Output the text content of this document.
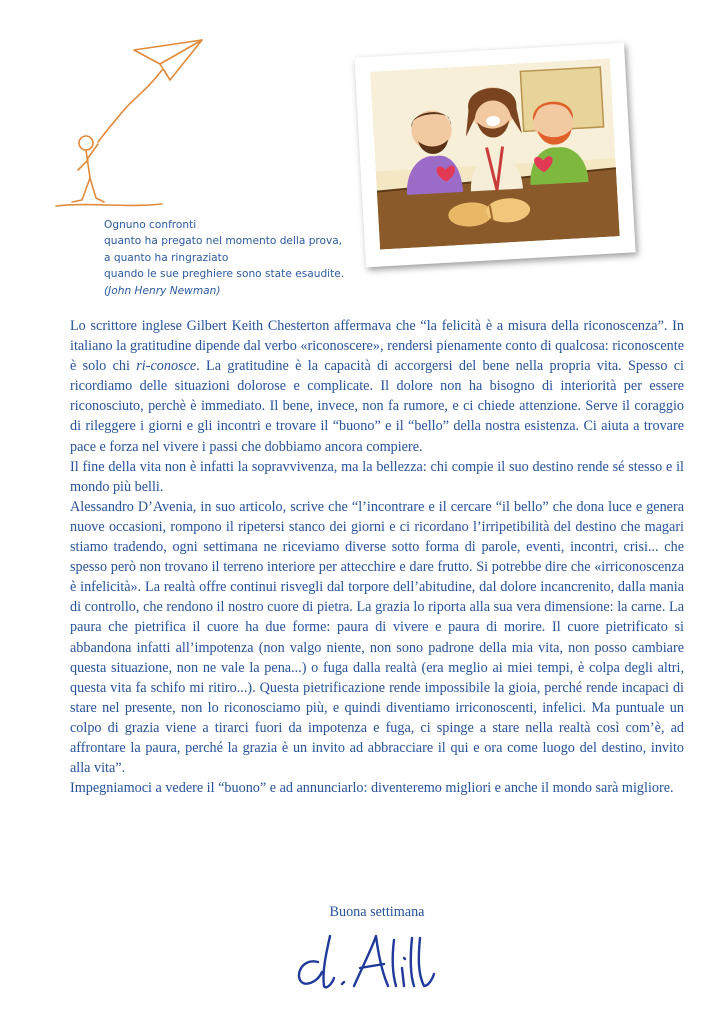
Ognuno confronti
quanto ha pregato nel momento della prova,
a quanto ha ringraziato
quando le sue preghiere sono state esaudite.
(John Henry Newman)

Lo scrittore inglese Gilbert Keith Chesterton affermava che “la felicità è a misura della riconoscenza”. In italiano la gratitudine dipende dal verbo «riconoscere», rendersi pienamente conto di qualcosa: riconoscente è solo chi ri-conosce. La gratitudine è la capacità di accorgersi del bene nella propria vita. Spesso ci ricordiamo delle situazioni dolorose e complicate. Il dolore non ha bisogno di interiorità per essere riconosciuto, perchè è immediato. Il bene, invece, non fa rumore, e ci chiede attenzione. Serve il coraggio di rileggere i giorni e gli incontri e trovare il “buono” e il “bello” della nostra esistenza. Ci aiuta a trovare pace e forza nel vivere i passi che dobbiamo ancora compiere.

Il fine della vita non è infatti la sopravvivenza, ma la bellezza: chi compie il suo destino rende sé stesso e il mondo più belli.

Alessandro D’Avenia, in suo articolo, scrive che “l’incontrare e il cercare “il bello” che dona luce e genera nuove occasioni, rompono il ripetersi stanco dei giorni e ci ricordano l’irripetibilità del destino che magari stiamo tradendo, ogni settimana ne riceviamo diverse sotto forma di parole, eventi, incontri, crisi... che spesso però non trovano il terreno interiore per attecchire e dare frutto. Si potrebbe dire che «irriconoscenza è infelicità». La realtà offre continui risvegli dal torpore dell’abitudine, dal dolore incancrenito, dalla mania di controllo, che rendono il nostro cuore di pietra. La grazia lo riporta alla sua vera dimensione: la carne. La paura che pietrifica il cuore ha due forme: paura di vivere e paura di morire. Il cuore pietrificato si abbandona infatti all’impotenza (non valgo niente, non sono padrone della mia vita, non posso cambiare questa situazione, non ne vale la pena...) o fuga dalla realtà (era meglio ai miei tempi, è colpa degli altri, questa vita fa schifo mi ritiro...). Questa pietrificazione rende impossibile la gioia, perché rende incapaci di stare nel presente, non lo riconosciamo più, e quindi diventiamo irriconoscenti, infelici. Ma puntuale un colpo di grazia viene a tirarci fuori da impotenza e fuga, ci spinge a stare nella realtà così com’è, ad affrontare la paura, perché la grazia è un invito ad abbracciare il qui e ora come luogo del destino, invito alla vita”.

Impegniamoci a vedere il “buono” e ad annunciarlo: diventeremo migliori e anche il mondo sarà migliore.

Buona settimana
